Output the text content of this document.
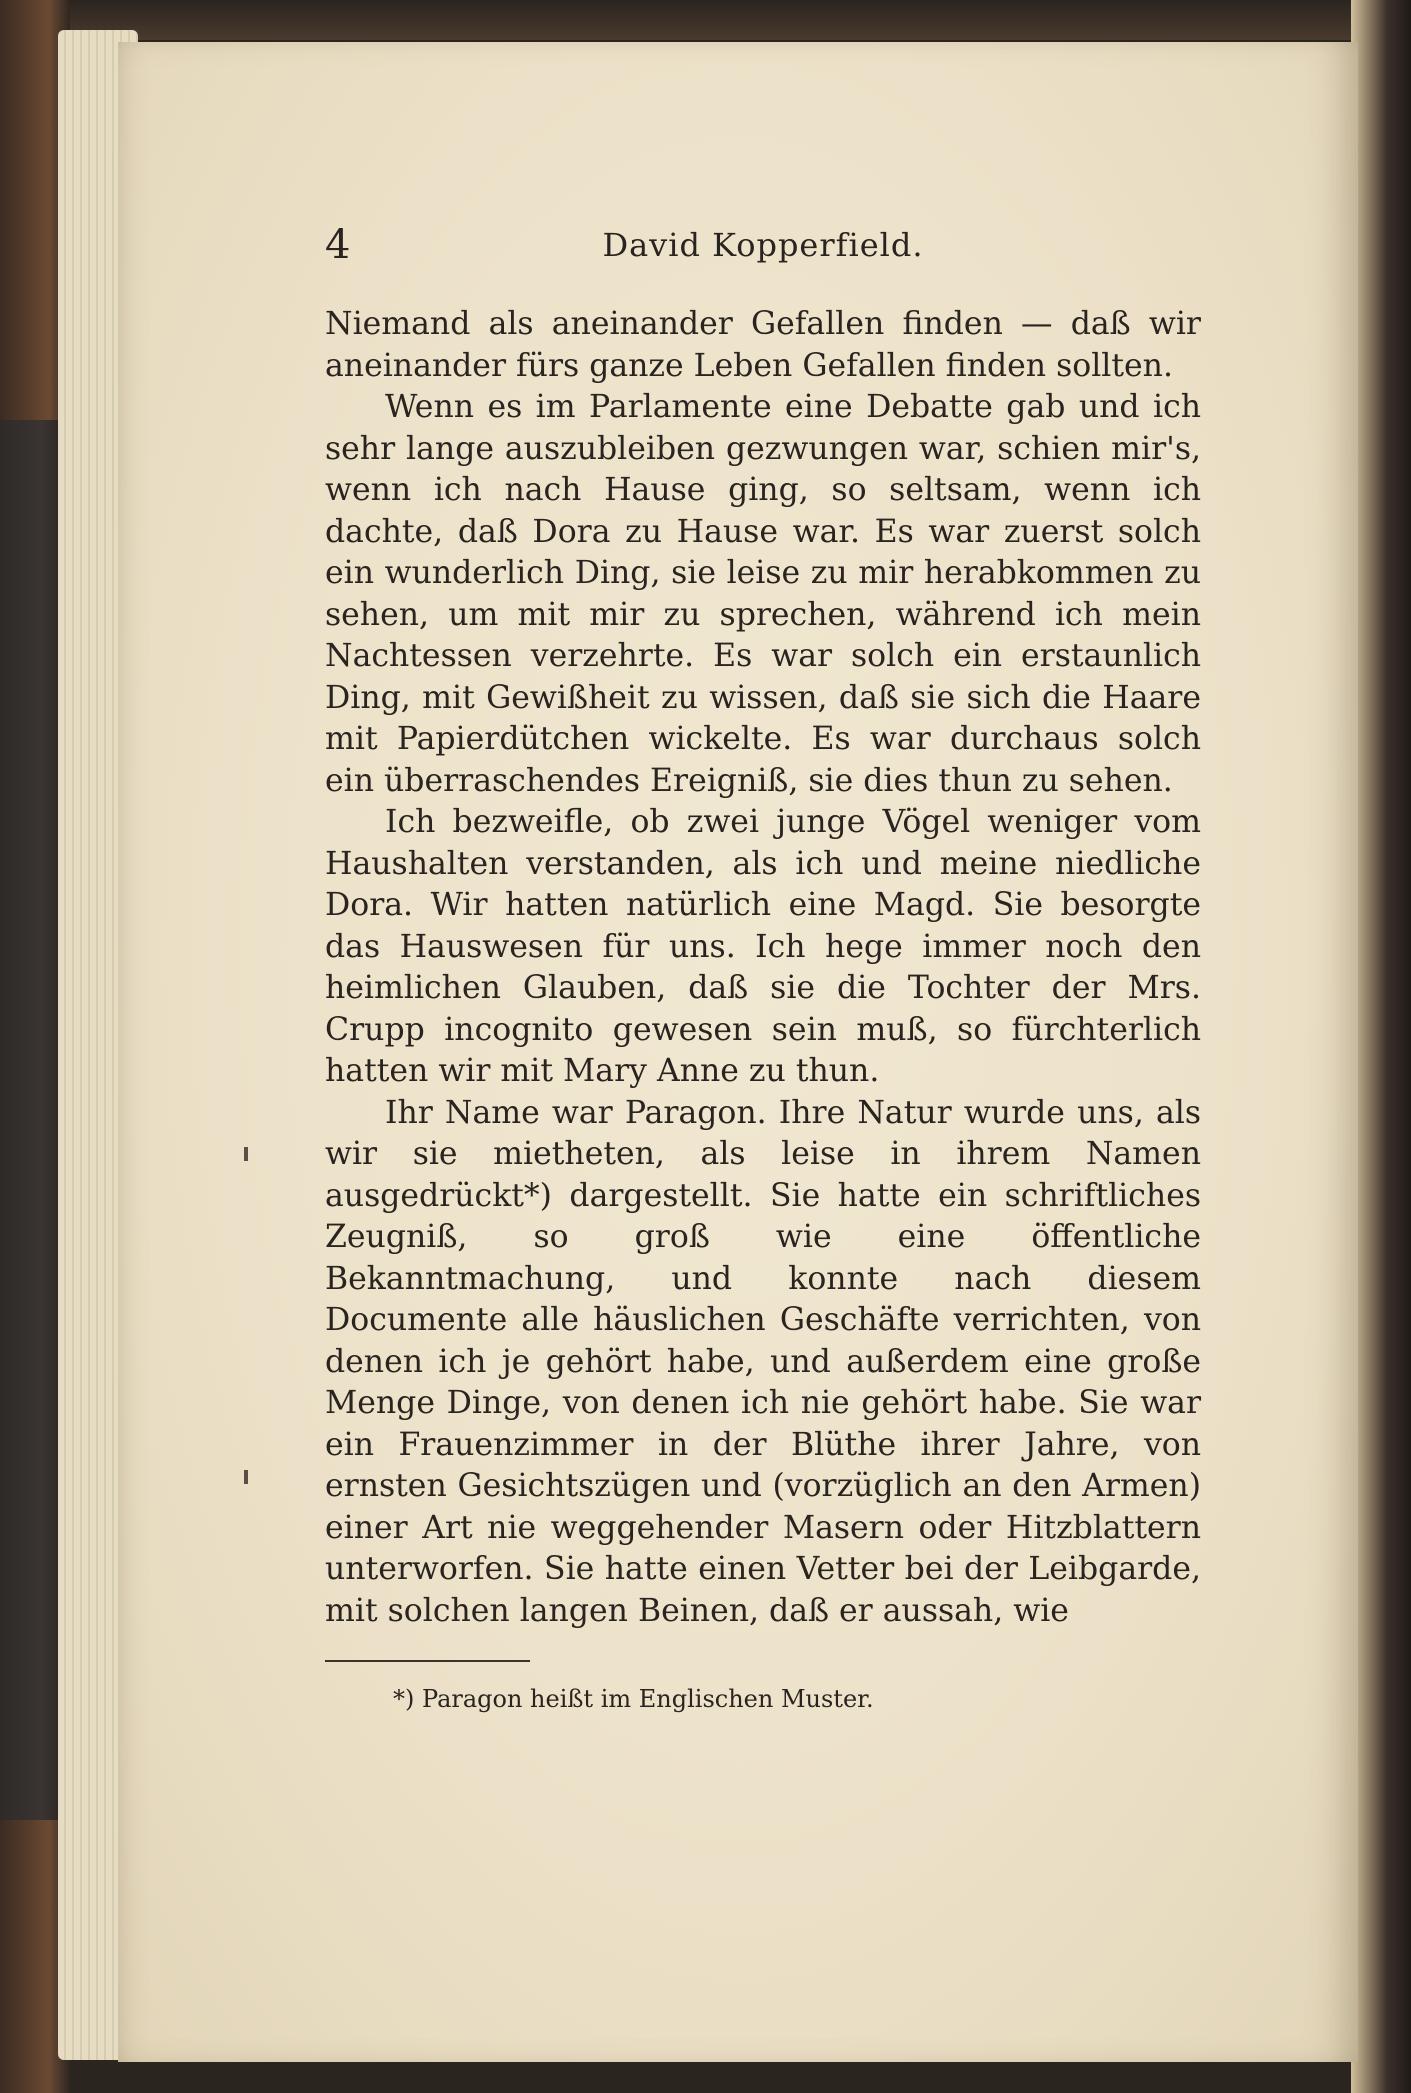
4	David Kopperfield.

Niemand als aneinander Gefallen finden — daß wir aneinander fürs ganze Leben Gefallen finden sollten.

Wenn es im Parlamente eine Debatte gab und ich sehr lange auszubleiben gezwungen war, schien mir's, wenn ich nach Hause ging, so seltsam, wenn ich dachte, daß Dora zu Hause war. Es war zuerst solch ein wunderlich Ding, sie leise zu mir herabkommen zu sehen, um mit mir zu sprechen, während ich mein Nachtessen verzehrte. Es war solch ein erstaunlich Ding, mit Gewißheit zu wissen, daß sie sich die Haare mit Papierdütchen wickelte. Es war durchaus solch ein überraschendes Ereigniß, sie dies thun zu sehen.

Ich bezweifle, ob zwei junge Vögel weniger vom Haushalten verstanden, als ich und meine niedliche Dora. Wir hatten natürlich eine Magd. Sie besorgte das Hauswesen für uns. Ich hege immer noch den heimlichen Glauben, daß sie die Tochter der Mrs. Crupp incognito gewesen sein muß, so fürchterlich hatten wir mit Mary Anne zu thun.

Ihr Name war Paragon. Ihre Natur wurde uns, als wir sie mietheten, als leise in ihrem Namen ausgedrückt*) dargestellt. Sie hatte ein schriftliches Zeugniß, so groß wie eine öffentliche Bekanntmachung, und konnte nach diesem Documente alle häuslichen Geschäfte verrichten, von denen ich je gehört habe, und außerdem eine große Menge Dinge, von denen ich nie gehört habe. Sie war ein Frauenzimmer in der Blüthe ihrer Jahre, von ernsten Gesichtszügen und (vorzüglich an den Armen) einer Art nie weggehender Masern oder Hitzblattern unterworfen. Sie hatte einen Vetter bei der Leibgarde, mit solchen langen Beinen, daß er aussah, wie

*) Paragon heißt im Englischen Muster.
